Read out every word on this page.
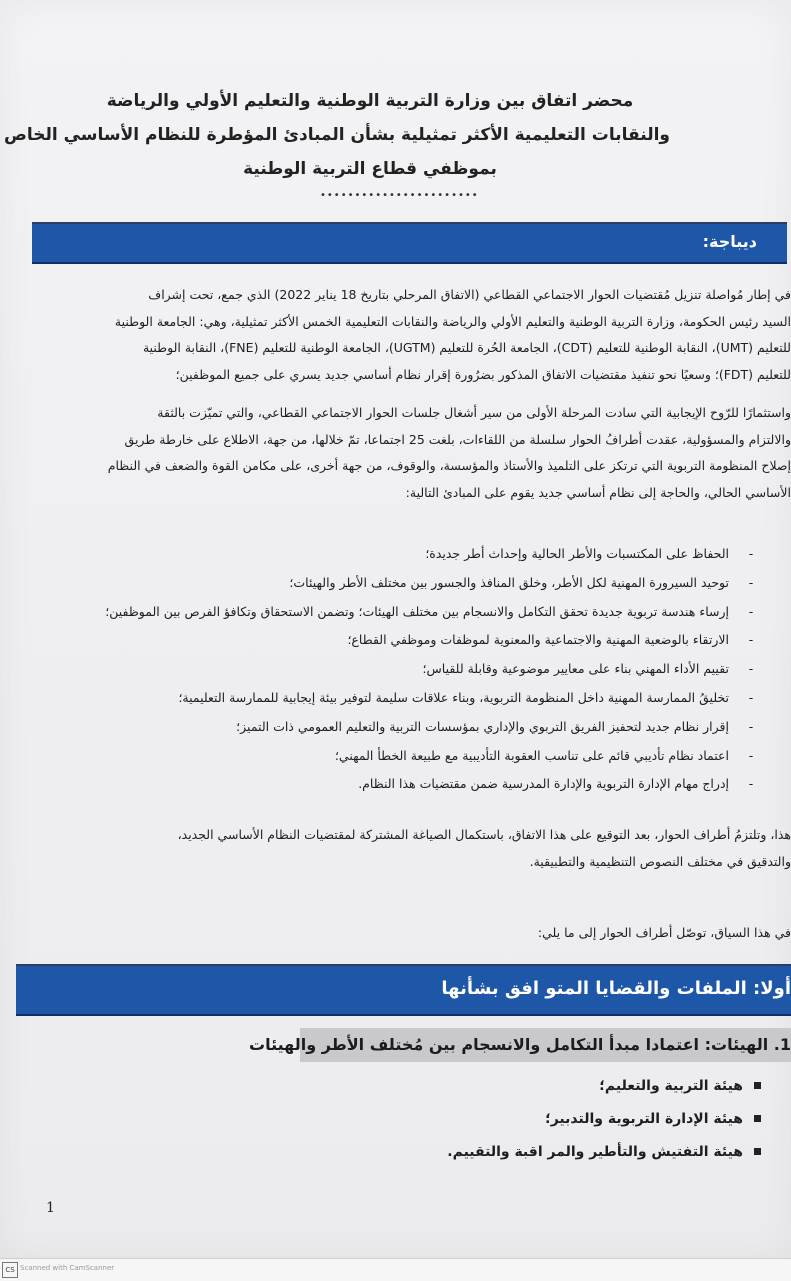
محضر اتفاق بين وزارة التربية الوطنية والتعليم الأولي والرياضة
والنقابات التعليمية الأكثر تمثيلية بشأن المبادئ المؤطرة للنظام الأساسي الخاص
بموظفي قطاع التربية الوطنية
•••••••••••••••••••••••
ديباجة:
في إطار مُواصلة تنزيل مُقتضيات الحوار الاجتماعي القطاعي (الاتفاق المرحلي بتاريخ 18 يناير 2022) الذي جمع، تحت إشراف
السيد رئيس الحكومة، وزارة التربية الوطنية والتعليم الأولي والرياضة والنقابات التعليمية الخمس الأكثر تمثيلية، وهي: الجامعة الوطنية
للتعليم (UMT)، النقابة الوطنية للتعليم (CDT)، الجامعة الحُرة للتعليم (UGTM)، الجامعة الوطنية للتعليم (FNE)، النقابة الوطنية
للتعليم (FDT)؛ وسعيًا نحو تنفيذ مقتضيات الاتفاق المذكور بضرُورة إقرار نظام أساسي جديد يسري على جميع الموظفين؛
واستثمارًا للرّوح الإيجابية التي سادت المرحلة الأولى من سير أشغال جلسات الحوار الاجتماعي القطاعي، والتي تميّزت بالثقة
والالتزام والمسؤولية، عقدت أطرافُ الحوار سلسلة من اللقاءات، بلغت 25 اجتماعا، تمّ خلالها، من جهة، الاطلاع على خارطة طريق
إصلاح المنظومة التربوية التي ترتكز على التلميذ والأستاذ والمؤسسة، والوقوف، من جهة أخرى، على مكامن القوة والضعف في النظام
الأساسي الحالي، والحاجة إلى نظام أساسي جديد يقوم على المبادئ التالية:
-
الحفاظ على المكتسبات والأطر الحالية وإحداث أطر جديدة؛
-
توحيد السيرورة المهنية لكل الأطر، وخلق المنافذ والجسور بين مختلف الأطر والهيئات؛
-
إرساء هندسة تربوية جديدة تحقق التكامل والانسجام بين مختلف الهيئات؛ وتضمن الاستحقاق وتكافؤ الفرص بين الموظفين؛
-
الارتقاء بالوضعية المهنية والاجتماعية والمعنوية لموظفات وموظفي القطاع؛
-
تقييم الأداء المهني بناء على معايير موضوعية وقابلة للقياس؛
-
تخليقُ الممارسة المهنية داخل المنظومة التربوية، وبناء علاقات سليمة لتوفير بيئة إيجابية للممارسة التعليمية؛
-
إقرار نظام جديد لتحفيز الفريق التربوي والإداري بمؤسسات التربية والتعليم العمومي ذات التميز؛
-
اعتماد نظام تأديبي قائم على تناسب العقوبة التأديبية مع طبيعة الخطأ المهني؛
-
إدراج مهام الإدارة التربوية والإدارة المدرسية ضمن مقتضيات هذا النظام.
هذا، وتلتزمُ أطراف الحوار، بعد التوقيع على هذا الاتفاق، باستكمال الصياغة المشتركة لمقتضيات النظام الأساسي الجديد،
والتدقيق في مختلف النصوص التنظيمية والتطبيقية.
في هذا السياق، توصّل أطراف الحوار إلى ما يلي:
أولا: الملفات والقضايا المتو افق بشأنها
1. الهيئات: اعتمادا مبدأ التكامل والانسجام بين مُختلف الأطر والهيئات
هيئة التربية والتعليم؛
هيئة الإدارة التربوية والتدبير؛
هيئة التفتيش والتأطير والمر اقبة والتقييم.
1
CS Scanned with CamScanner
